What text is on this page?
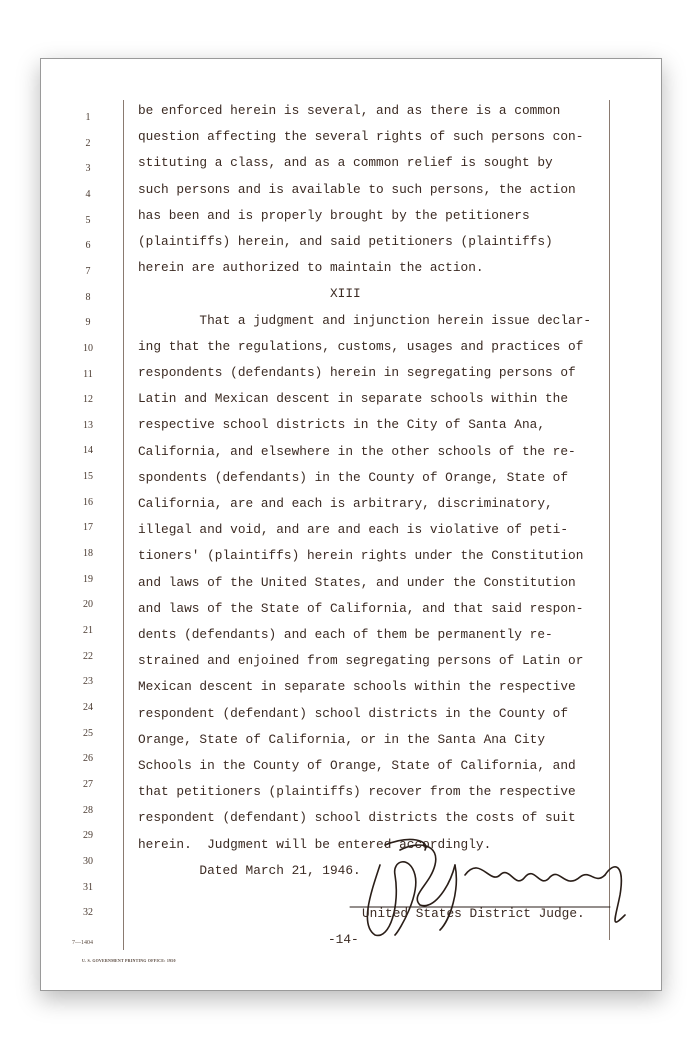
1
2
3
4
5
6
7
8
9
10
11
12
13
14
15
16
17
18
19
20
21
22
23
24
25
26
27
28
29
30
31
32
be enforced herein is several, and as there is a common
question affecting the several rights of such persons con-
stituting a class, and as a common relief is sought by
such persons and is available to such persons, the action
has been and is properly brought by the petitioners
(plaintiffs) herein, and said petitioners (plaintiffs)
herein are authorized to maintain the action.
XIII
That a judgment and injunction herein issue declar-
ing that the regulations, customs, usages and practices of
respondents (defendants) herein in segregating persons of
Latin and Mexican descent in separate schools within the
respective school districts in the City of Santa Ana,
California, and elsewhere in the other schools of the re-
spondents (defendants) in the County of Orange, State of
California, are and each is arbitrary, discriminatory,
illegal and void, and are and each is violative of peti-
tioners' (plaintiffs) herein rights under the Constitution
and laws of the United States, and under the Constitution
and laws of the State of California, and that said respon-
dents (defendants) and each of them be permanently re-
strained and enjoined from segregating persons of Latin or
Mexican descent in separate schools within the respective
respondent (defendant) school districts in the County of
Orange, State of California, or in the Santa Ana City
Schools in the County of Orange, State of California, and
that petitioners (plaintiffs) recover from the respective
respondent (defendant) school districts the costs of suit
herein.  Judgment will be entered accordingly.
Dated March 21, 1946.
United States District Judge.
-14-
7—1404
U. S. GOVERNMENT PRINTING OFFICE: 1950
